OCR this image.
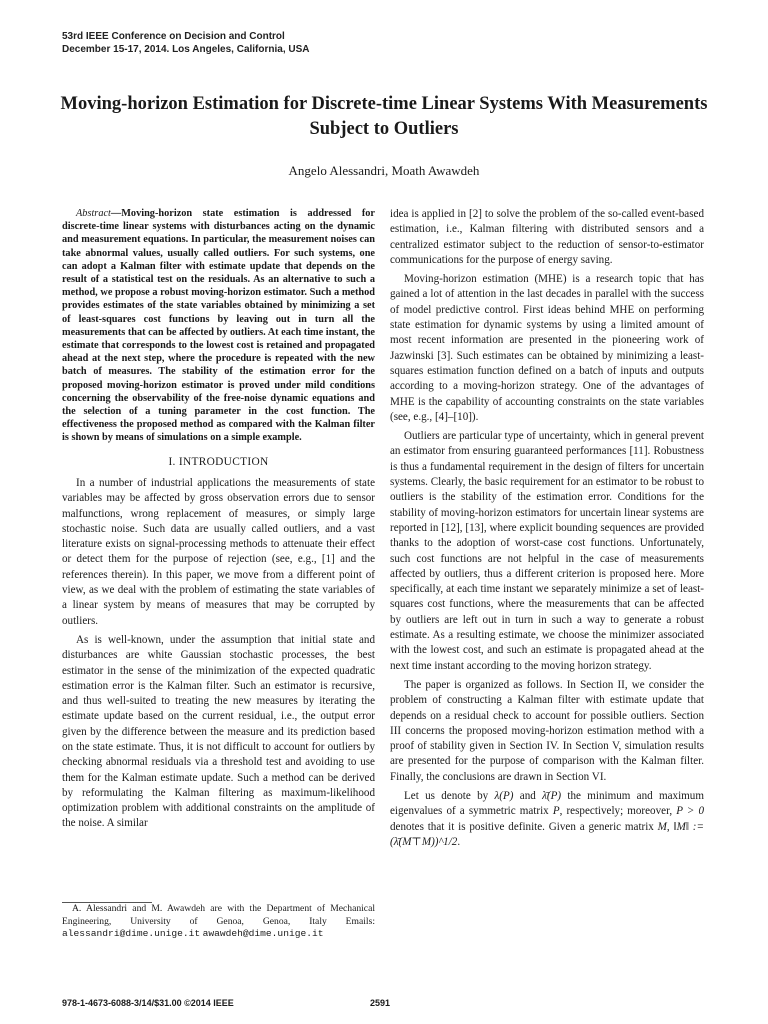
53rd IEEE Conference on Decision and Control
December 15-17, 2014. Los Angeles, California, USA
Moving-horizon Estimation for Discrete-time Linear Systems With Measurements Subject to Outliers
Angelo Alessandri, Moath Awawdeh
Abstract—Moving-horizon state estimation is addressed for discrete-time linear systems with disturbances acting on the dynamic and measurement equations. In particular, the measurement noises can take abnormal values, usually called outliers. For such systems, one can adopt a Kalman filter with estimate update that depends on the result of a statistical test on the residuals. As an alternative to such a method, we propose a robust moving-horizon estimator. Such a method provides estimates of the state variables obtained by minimizing a set of least-squares cost functions by leaving out in turn all the measurements that can be affected by outliers. At each time instant, the estimate that corresponds to the lowest cost is retained and propagated ahead at the next step, where the procedure is repeated with the new batch of measures. The stability of the estimation error for the proposed moving-horizon estimator is proved under mild conditions concerning the observability of the free-noise dynamic equations and the selection of a tuning parameter in the cost function. The effectiveness the proposed method as compared with the Kalman filter is shown by means of simulations on a simple example.
I. INTRODUCTION

In a number of industrial applications the measurements of state variables may be affected by gross observation errors due to sensor malfunctions, wrong replacement of measures, or simply large stochastic noise. Such data are usually called outliers, and a vast literature exists on signal-processing methods to attenuate their effect or detect them for the purpose of rejection (see, e.g., [1] and the references therein). In this paper, we move from a different point of view, as we deal with the problem of estimating the state variables of a linear system by means of measures that may be corrupted by outliers.

As is well-known, under the assumption that initial state and disturbances are white Gaussian stochastic processes, the best estimator in the sense of the minimization of the expected quadratic estimation error is the Kalman filter. Such an estimator is recursive, and thus well-suited to treating the new measures by iterating the estimate update based on the current residual, i.e., the output error given by the difference between the measure and its prediction based on the state estimate. Thus, it is not difficult to account for outliers by checking abnormal residuals via a threshold test and avoiding to use them for the Kalman estimate update. Such a method can be derived by reformulating the Kalman filtering as maximum-likelihood optimization problem with additional constraints on the amplitude of the noise. A similar

idea is applied in [2] to solve the problem of the so-called event-based estimation, i.e., Kalman filtering with distributed sensors and a centralized estimator subject to the reduction of sensor-to-estimator communications for the purpose of energy saving.

Moving-horizon estimation (MHE) is a research topic that has gained a lot of attention in the last decades in parallel with the success of model predictive control. First ideas behind MHE on performing state estimation for dynamic systems by using a limited amount of most recent information are presented in the pioneering work of Jazwinski [3]. Such estimates can be obtained by minimizing a least-squares estimation function defined on a batch of inputs and outputs according to a moving-horizon strategy. One of the advantages of MHE is the capability of accounting constraints on the state variables (see, e.g., [4]–[10]).

Outliers are particular type of uncertainty, which in general prevent an estimator from ensuring guaranteed performances [11]. Robustness is thus a fundamental requirement in the design of filters for uncertain systems. Clearly, the basic requirement for an estimator to be robust to outliers is the stability of the estimation error. Conditions for the stability of moving-horizon estimators for uncertain linear systems are reported in [12], [13], where explicit bounding sequences are provided thanks to the adoption of worst-case cost functions. Unfortunately, such cost functions are not helpful in the case of measurements affected by outliers, thus a different criterion is proposed here. More specifically, at each time instant we separately minimize a set of least-squares cost functions, where the measurements that can be affected by outliers are left out in turn in such a way to generate a robust estimate. As a resulting estimate, we choose the minimizer associated with the lowest cost, and such an estimate is propagated ahead at the next time instant according to the moving horizon strategy.

The paper is organized as follows. In Section II, we consider the problem of constructing a Kalman filter with estimate update that depends on a residual check to account for possible outliers. Section III concerns the proposed moving-horizon estimation method with a proof of stability given in Section IV. In Section V, simulation results are presented for the purpose of comparison with the Kalman filter. Finally, the conclusions are drawn in Section VI.

Let us denote by λ(P) and λ̄(P) the minimum and maximum eigenvalues of a symmetric matrix P, respectively; moreover, P > 0 denotes that it is positive definite. Given a generic matrix M, ‖M‖ := (λ̄(M⊤M))^1/2.

A. Alessandri and M. Awawdeh are with the Department of Mechanical Engineering, University of Genoa, Genoa, Italy Emails: alessandri@dime.unige.it awawdeh@dime.unige.it
978-1-4673-6088-3/14/$31.00 ©2014 IEEE	2591
